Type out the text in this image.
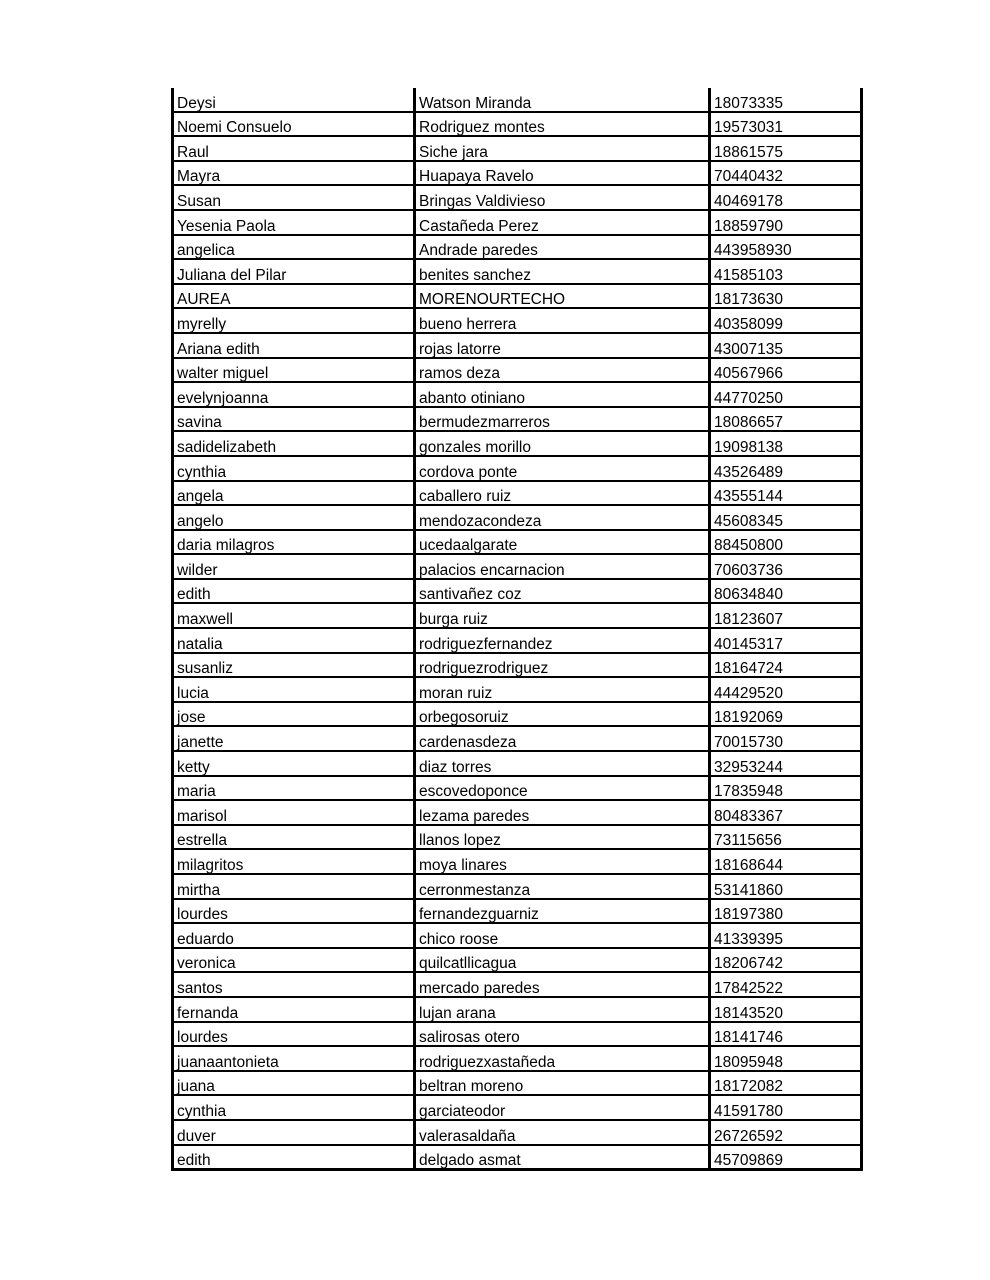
Deysi	Watson Miranda	18073335
Noemi Consuelo	Rodriguez montes	19573031
Raul	Siche jara	18861575
Mayra	Huapaya Ravelo	70440432
Susan	Bringas Valdivieso	40469178
Yesenia Paola	Castañeda Perez	18859790
angelica	Andrade paredes	443958930
Juliana del Pilar	benites sanchez	41585103
AUREA	MORENOURTECHO	18173630
myrelly	bueno herrera	40358099
Ariana edith	rojas latorre	43007135
walter miguel	ramos deza	40567966
evelynjoanna	abanto otiniano	44770250
savina	bermudezmarreros	18086657
sadidelizabeth	gonzales morillo	19098138
cynthia	cordova ponte	43526489
angela	caballero ruiz	43555144
angelo	mendozacondeza	45608345
daria milagros	ucedaalgarate	88450800
wilder	palacios encarnacion	70603736
edith	santivañez coz	80634840
maxwell	burga ruiz	18123607
natalia	rodriguezfernandez	40145317
susanliz	rodriguezrodriguez	18164724
lucia	moran ruiz	44429520
jose	orbegosoruiz	18192069
janette	cardenasdeza	70015730
ketty	diaz torres	32953244
maria	escovedoponce	17835948
marisol	lezama paredes	80483367
estrella	llanos lopez	73115656
milagritos	moya linares	18168644
mirtha	cerronmestanza	53141860
lourdes	fernandezguarniz	18197380
eduardo	chico roose	41339395
veronica	quilcatllicagua	18206742
santos	mercado paredes	17842522
fernanda	lujan arana	18143520
lourdes	salirosas otero	18141746
juanaantonieta	rodriguezxastañeda	18095948
juana	beltran moreno	18172082
cynthia	garciateodor	41591780
duver	valerasaldaña	26726592
edith	delgado asmat	45709869
